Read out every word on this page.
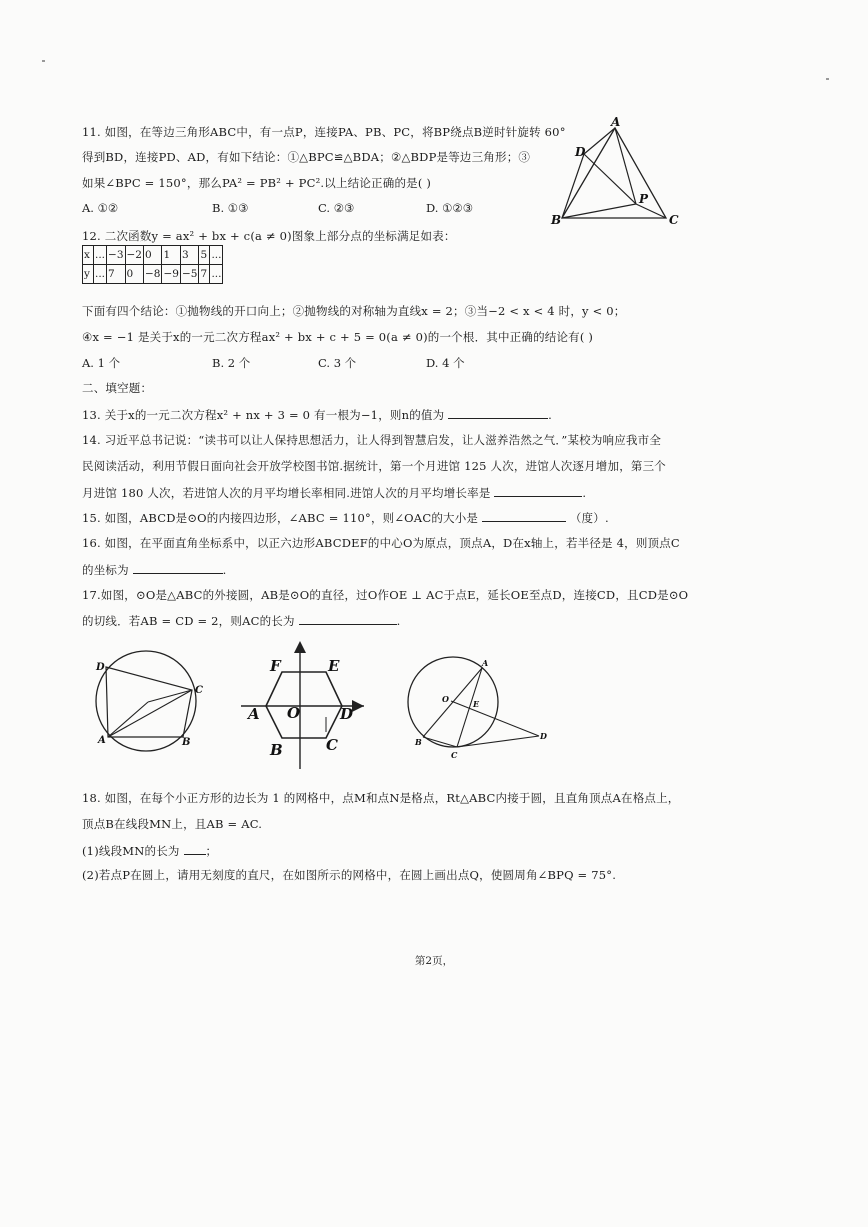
11. 如图，在等边三角形ABC中，有一点P，连接PA、PB、PC，将BP绕点B逆时针旋转 60°
得到BD，连接PD、AD，有如下结论：①△BPC≌△BDA；②△BDP是等边三角形；③
如果∠BPC = 150°，那么PA² = PB² + PC².以上结论正确的是( )
A. ①②	B. ①③	C. ②③	D. ①②③
A
D
P
B	C
12. 二次函数y = ax² + bx + c(a ≠ 0)图象上部分点的坐标满足如表：
x	...	−3	−2	0	1	3	5	...
y	...	7	0	−8	−9	−5	7	...
下面有四个结论：①抛物线的开口向上；②抛物线的对称轴为直线x = 2；③当−2 < x < 4 时，y < 0；
④x = −1 是关于x的一元二次方程ax² + bx + c + 5 = 0(a ≠ 0)的一个根．其中正确的结论有( )
A. 1 个	B. 2 个	C. 3 个	D. 4 个
二、填空题：
13. 关于x的一元二次方程x² + nx + 3 = 0 有一根为−1，则n的值为	.
14. 习近平总书记说：“读书可以让人保持思想活力，让人得到智慧启发，让人滋养浩然之气．”某校为响应我市全
民阅读活动，利用节假日面向社会开放学校图书馆.据统计，第一个月进馆 125 人次，进馆人次逐月增加，第三个
月进馆 180 人次，若进馆人次的月平均增长率相同.进馆人次的月平均增长率是	.
15. 如图，ABCD是⊙O的内接四边形，∠ABC = 110°，则∠OAC的大小是	（度）.
16. 如图，在平面直角坐标系中，以正六边形ABCDEF的中心O为原点，顶点A，D在x轴上，若半径是 4，则顶点C
的坐标为	.
17.如图，⊙O是△ABC的外接圆，AB是⊙O的直径，过O作OE ⊥ AC于点E，延长OE至点D，连接CD，且CD是⊙O
的切线．若AB = CD = 2，则AC的长为	.
D
C
A	B
F	E
A O	D
B	C
A
O	E
B
C
D
18. 如图，在每个小正方形的边长为 1 的网格中，点M和点N是格点，Rt△ABC内接于圆，且直角顶点A在格点上，
顶点B在线段MN上，且AB = AC.
(1)线段MN的长为 ；
(2)若点P在圆上，请用无刻度的直尺，在如图所示的网格中，在圆上画出点Q，使圆周角∠BPQ = 75°.
第2页，
